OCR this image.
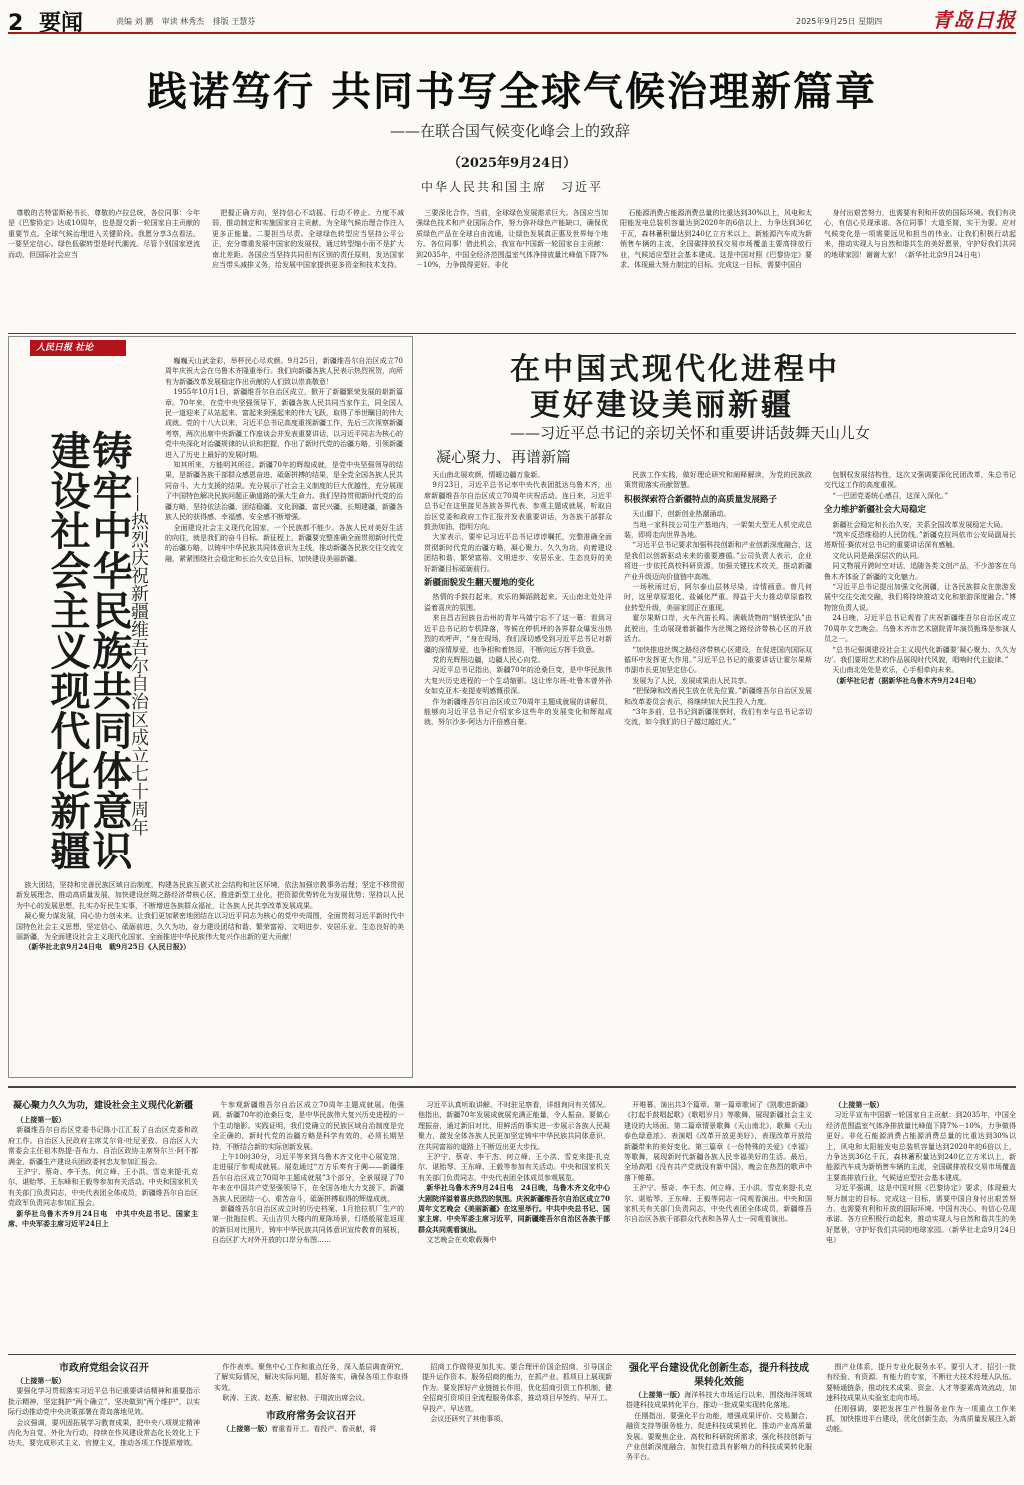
2 要闻	责编 刘 鹏 审读 林秀杰 排版 王慧芬	2025年9月25日 星期四 青岛日报
践诺笃行 共同书写全球气候治理新篇章
——在联合国气候变化峰会上的致辞
（2025年9月24日）
中华人民共和国主席　习近平

尊敬的古特雷斯秘书长，尊敬的卢拉总统，各位同事：今年是《巴黎协定》达成10周年，也是提交新一轮国家自主贡献的重要节点。全球气候治理进入关键阶段。我愿分享3点看法。一要坚定信心。绿色低碳转型是时代潮流。尽管个别国家逆流而动，但国际社会应当

把握正确方向，坚持信心不动摇、行动不停止、力度不减弱，推动制定和实施国家自主贡献，为全球气候治理合作注入更多正能量。二要担当尽责。全球绿色转型应当坚持公平公正，充分尊重发展中国家的发展权，通过转型缩小而不是扩大南北差距。各国应当坚持共同但有区别的责任原则，发达国家应当带头减排义务，给发展中国家提供更多资金和技术支持。

三要深化合作。当前，全球绿色发展需求巨大。各国应当加强绿色技术和产业国际合作，努力弥补绿色产能缺口，确保优质绿色产品在全球自由流通，让绿色发展真正惠及世界每个地方。各位同事！借此机会，我宣布中国新一轮国家自主贡献：到2035年，中国全经济范围温室气体净排放量比峰值下降7%－10%，力争做得更好。非化

石能源消费占能源消费总量的比重达到30%以上，风电和太阳能发电总装机容量达到2020年的6倍以上、力争达到36亿千瓦，森林蓄积量达到240亿立方米以上，新能源汽车成为新销售车辆的主流，全国碳排放权交易市场覆盖主要高排放行业，气候适应型社会基本建成。这是中国对照《巴黎协定》要求、体现最大努力制定的目标。完成这一目标，需要中国自

身付出艰苦努力，也需要有利和开放的国际环境。我们有决心，有信心兑现承诺。各位同事！大道至简，实干为要。应对气候变化是一项需要远见和担当的伟业。让我们积极行动起来，推动实现人与自然和谐共生的美好愿景，守护好我们共同的地球家园！谢谢大家！（新华社北京9月24日电）

人民日报 社论
铸牢中华民族共同体意识　建设社会主义现代化新疆	——热烈庆祝新疆维吾尔自治区成立七十周年

巍巍天山武金彩，举杯民心尽欢颜。9月25日，新疆维吾尔自治区成立70周年庆祝大会在乌鲁木齐隆重举行。我们向新疆各族人民表示热烈祝贺，向所有为新疆改革发展稳定作出贡献的人们致以崇高敬意！

1955年10月1日，新疆维吾尔自治区成立，掀开了新疆繁荣发展的崭新篇章。70年来，在党中央坚强领导下，新疆各族人民共同当家作主，同全国人民一道迎来了从站起来、富起来到强起来的伟大飞跃，取得了举世瞩目的伟大成就。党的十八大以来，习近平总书记高度重视新疆工作，先后三次视察新疆考察，两次出席中央新疆工作座谈会并发表重要讲话，以习近平同志为核心的党中央深化对治疆规律的认识和把握，作出了新时代党的治疆方略，引领新疆进入了历史上最好的发展时期。

知其所来，方能明其所往。新疆70年的辉煌成就，是党中央坚强领导的结果，是新疆各族干部群众感恩奋进、砥砺拼搏的结果，是全党全国各族人民共同奋斗、大力支援的结果。充分展示了社会主义制度的巨大优越性，充分展现了中国特色解决民族问题正确道路的强大生命力。我们坚持贯彻新时代党的治疆方略，坚持依法治疆、团结稳疆、文化润疆、富民兴疆、长期建疆，新疆各族人民的获得感、幸福感、安全感不断增强。

全面建设社会主义现代化国家，一个民族都不能少。各族人民对美好生活的向往，就是我们的奋斗目标。新征程上，新疆要完整准确全面贯彻新时代党的治疆方略，以铸牢中华民族共同体意识为主线，推动新疆各民族交往交流交融，紧紧围绕社会稳定和长治久安总目标，加快建设美丽新疆。

族大团结，坚持和完善民族区域自治制度，构建各民族互嵌式社会结构和社区环境，依法加强宗教事务治理；坚定不移贯彻新发展理念，推动高质量发展，加快建设丝绸之路经济带核心区，推进新型工业化，把资源优势转化为发展优势；坚持以人民为中心的发展思想，扎实办好民生实事，不断增进各族群众福祉，让各族人民共享改革发展成果。

凝心聚力谋发展，同心协力创未来。让我们更加紧密地团结在以习近平同志为核心的党中央周围，全面贯彻习近平新时代中国特色社会主义思想，坚定信心、砥砺前进，久久为功，奋力建设团结和谐、繁荣富裕、文明进步、安居乐业、生态良好的美丽新疆，为全面建设社会主义现代化国家、全面推进中华民族伟大复兴作出新的更大贡献！

（新华社北京9月24日电　载9月25日《人民日报》）

在中国式现代化进程中
更好建设美丽新疆
——习近平总书记的亲切关怀和重要讲话鼓舞天山儿女
凝心聚力、再谱新篇

天山南北展欢颜，情暖边疆万象新。

9月23日，习近平总书记率中央代表团抵达乌鲁木齐，出席新疆维吾尔自治区成立70周年庆祝活动。连日来，习近平总书记在这里接见各族各界代表、参观主题成就展，听取自治区党委和政府工作汇报并发表重要讲话，为各族干部群众鼓劲加油、指明方向。

大家表示，要牢记习近平总书记谆谆嘱托，完整准确全面贯彻新时代党的治疆方略，凝心聚力、久久为功，向着建设团结和谐、繁荣富裕、文明进步、安居乐业、生态良好的美好新疆目标砥砺前行。

新疆面貌发生翻天覆地的变化

热情的手鼓打起来，欢乐的舞蹈跳起来。天山南北处处洋溢着喜庆的氛围。

来自昌吉回族自治州的青年马婧宁忘不了这一幕：看到习近平总书记的专机降落，等候在停机坪的各界群众爆发出热烈的欢呼声，“身在现场，我们深切感受到习近平总书记对新疆的深情厚爱，也争相和着热泪，不断向远方挥手致意。

党的光辉照边疆，边疆人民心向党。

习近平总书记指出，新疆70年的沧桑巨变，是中华民族伟大复兴历史进程的一个生动缩影。这让库尔班·吐鲁木曾外孙女如克亚木·麦提麦明感慨很深。

作为新疆维吾尔自治区成立70周年主题成就展的讲解员，能够向习近平总书记介绍家乡这些年的发展变化和辉煌成就，努尔沙多·阿达力汗倍感自豪。

民族工作实践，做好理论研究和阐释解读，为党的民族政策贯彻落实贡献智慧。

积极探索符合新疆特点的高质量发展路子

天山脚下，创新创业热潮涌动。

当地一家科技公司生产基地内，一架架大型无人机完成总装，即将走向世界各地。

“习近平总书记要求加强科技创新和产业创新深度融合，这是我们以创新驱动未来的重要遵循。”公司负责人表示，企业将进一步依托高校科研资源，加强关键技术攻关，推动新疆产业升级迈向价值链中高端。

一场秋雨过后，阿尔泰山层林尽染，诗情画意。曾几何时，这里草原退化、盐碱化严重。得益于大力推动草原畜牧业转型升级，美丽家园正在重现。

霍尔果斯口岸，火车汽笛长鸣。满载货物的“钢铁驼队”由此驶出，生动展现着新疆作为丝绸之路经济带核心区的开放活力。

“加快推进丝绸之路经济带核心区建设，在促进国内国际双循环中发挥更大作用。”习近平总书记的重要讲话让霍尔果斯市副市长更加坚定信心。

发展为了人民，发展成果由人民共享。

“把保障和改善民生放在优先位置。”新疆维吾尔自治区发展和改革委员会表示，将继续加大民生投入力度。

“3年多前，总书记到新疆视察时，我们有幸与总书记亲切交流，如今我们的日子越过越红火。”

包钢权发展结构性，这次又强调要深化民团改革，朱总书记交代这工作的高度重视。

“一巴团党委统心感召，这深入深化。”

全力维护新疆社会大局稳定

新疆社会稳定和长治久安，关系全国改革发展稳定大局。

“筑牢反恐维稳的人民防线。”新疆克拉玛依市公安局副局长塔斯恒·赛依对总书记的重要讲话深有感触。

文化认同是最深层次的认同。

同文物展开跨时空对话，追随各类文创产品，不少游客在乌鲁木齐体验了新疆的文化魅力。

“习近平总书记提出加强文化润疆，让各民族群众在旅游发展中交往交流交融，我们将持续推动文化和旅游深度融合。”博物馆负责人说。

24日晚，习近平总书记观看了庆祝新疆维吾尔自治区成立70周年文艺晚会。乌鲁木齐市艺术剧院青年演员甄珠是参演人员之一。

“总书记强调建设社会主义现代化新疆要‘凝心聚力、久久为功’。我们要用艺术的作品展现时代风貌，唱响时代主旋律。”

天山南北处处是欢乐，心手相牵向未来。

（新华社记者（据新华社乌鲁木齐9月24日电）

凝心聚力久久为功，建设社会主义现代化新疆

（上接第一版）

新疆维吾尔自治区党委书记陈小江汇报了自治区党委和政府工作。自治区人民政府主席艾尔肯·吐尼亚孜、自治区人大常委会主任祖木热提·吾布力、自治区政协主席努尔兰·阿不都满金，新疆生产建设兵团政委何忠友参加汇报会。

王沪宁、蔡奇、李干杰、何立峰、王小洪、雪克来提·扎克尔、谌贻琴、王东峰和王毅等参加有关活动。中央和国家机关有关部门负责同志，中央代表团全体成员，新疆维吾尔自治区党政军负责同志参加汇报会。

新华社乌鲁木齐9月24日电　中共中央总书记、国家主席、中央军委主席习近平24日上

午参观新疆维吾尔自治区成立70周年主题成就展。他强调，新疆70年的沧桑巨变，是中华民族伟大复兴历史进程的一个生动缩影。实践证明，我们党确立的民族区域自治制度是完全正确的，新时代党的治疆方略是科学有效的，必须长期坚持，不断结合新的实际创新发展。

上午10时30分，习近平等来到乌鲁木齐文化中心展览馆，走进展厅参观成就展。展览通过“万方乐奏有于阗——新疆维吾尔自治区成立70周年主题成就展”3个部分，全景展现了70年来在中国共产党坚强领导下，在全国各地大力支援下，新疆各族人民团结一心、艰苦奋斗，砥砺拼搏取得的辉煌成就。

新疆维吾尔自治区成立时的历史档案、1月抢拉机厂生产的第一批拖拉机、天山吉贝大楼内的夏陈场景，灯塔般展览返现的新旧对比照片，铸牢中华民族共同体意识宣传教育的展板，自治区扩大对外开放的口岸分布图……

习近平认真听取讲解，不时驻足察看，详细询问有关情况。他指出，新疆70年发展成就展充满正能量，令人振奋。要做心理振奋，通过新旧对比，用鲜活的事实进一步展示各族人民凝聚力，激发全体各族人民更加坚定铸牢中华民族共同体意识，在共同富裕的道路上不断迈出更大步伐。

王沪宁、蔡奇、李干杰、何立峰、王小洪、雪克来提·扎克尔、谌贻琴、王东峰、王毅等参加有关活动。中央和国家机关有关部门负责同志，中央代表团全体成员参观展览。

新华社乌鲁木齐9月24日电　24日晚，乌鲁木齐文化中心大剧院洋溢着喜庆热烈的氛围。庆祝新疆维吾尔自治区成立70周年文艺晚会《美丽新疆》在这里举行。中共中央总书记、国家主席、中央军委主席习近平，同新疆维吾尔自治区各族干部群众共同观看演出。

文艺晚会在欢歌载舞中

开唯幕。演出共3个篇章。第一篇章歌词了《凯歌进新疆》《打起手鼓唱起歌》《歌唱岁月》等歌舞，展现新疆社会主义建设的大场面。第二篇章情景歌舞《天山南北》，歌舞《天山春色绿意浓》、表演唱《改革开放更美好》，表现改革开放给新疆带来的美好变化。第三篇章《一份特殊的关爱》《幸福》等歌舞，展现新时代新疆各族人民幸福美好的生活。最后，全场高唱《没有共产党就没有新中国》，晚会在热烈的歌声中落下帷幕。

王沪宁、蔡奇、李干杰、何立峰、王小洪、雪克来提·扎克尔、谌贻琴、王东峰、王毅等同志一同观看演出。中央和国家机关有关部门负责同志，中央代表团全体成员，新疆维吾尔自治区各族干部群众代表和各界人士一同观看演出。

（上接第一版）

习近平宣布中国新一轮国家自主贡献：到2035年，中国全经济范围温室气体净排放量比峰值下降7%－10%，力争做得更好。非化石能源消费占能源消费总量的比重达到30%以上，风电和太阳能发电总装机容量达到2020年的6倍以上，力争达到36亿千瓦，森林蓄积量达到240亿立方米以上，新能源汽车成为新销售车辆的主流，全国碳排放权交易市场覆盖主要高排放行业，气候适应型社会基本建成。

习近平强调，这是中国对照《巴黎协定》要求，体现最大努力制定的目标。完成这一目标，需要中国自身付出艰苦努力，也需要有利和开放的国际环境。中国有决心、有信心兑现承诺。各方应积极行动起来，推动实现人与自然和谐共生的美好愿景，守护好我们共同的地球家园。（新华社北京9月24日电）

市政府党组会议召开

（上接第一版）

要强化学习贯彻落实习近平总书记重要讲话精神和重要指示批示精神，坚定拥护“两个确立”、坚决做到“两个维护”，以实际行动推动党中央决策部署在青岛落地见效。

会议强调，要巩固拓展学习教育成果，把中央八项规定精神内化为自觉、外化为行动，持续在作风建设常态化长效化上下功夫，要完成形式主义、官僚主义，推动各项工作提质增效。

作作表率。聚焦中心工作和重点任务，深入基层调查研究，了解实际情况，解决实际问题，抓好落实，确保各项工作取得实效。

耿涛、王波、赵燕、解宏勃、于瑞波出席会议。

市政府常务会议召开

（上接第一版）着重看开工、看投产、看贡献，将

招商工作做得更加扎实。要合理评价国企招商，引导国企提升运作资本、服务招商的能力，在抓产业、抓项目上展现新作为。要发挥好产业链链长作用，优化招商引资工作机制，健全招商引资项目全流程服务体系，推动项目早签约、早开工、早投产、早达效。

会议还研究了其他事项。

强化平台建设优化创新生态，提升科技成果转化效能

（上接第一版）海洋科技大市场运行以来，围绕海洋领域搭建科技成果转化平台，推动一批成果实现转化落地。

任刚指出，要强化平台功能，增强成果评价、交易撮合、融资支持等服务能力，促进科技成果转化，推动产业高质量发展。要聚焦企业、高校和科研院所需求，强化科技创新与产业创新深度融合，加快打造具有影响力的科技成果转化服务平台。

围产业体系，提升专业化服务水平。要引人才，招引一批有经验、有资源、有能力的专家，不断壮大技术经理人队伍。要畅通链条，推动技术成果、资金、人才等要素高效流动，加速科技成果从实验室走向市场。

任刚强调，要把发挥生产性服务业作为一项重点工作来抓，加快推进平台建设，优化创新生态，为高质量发展注入新动能。
